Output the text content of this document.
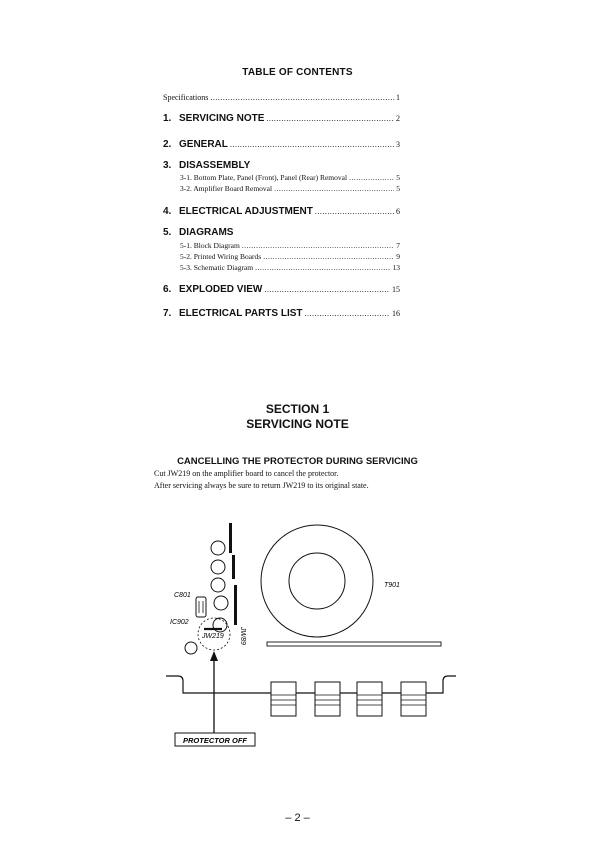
TABLE OF CONTENTS
Specifications .....	1
1. SERVICING NOTE .....	2
2. GENERAL .....	3
3. DISASSEMBLY
3-1. Bottom Plate, Panel (Front), Panel (Rear) Removal .....	5
3-2. Amplifier Board Removal .....	5
4. ELECTRICAL ADJUSTMENT .....	6
5. DIAGRAMS
5-1. Block Diagram .....	7
5-2. Printed Wiring Boards .....	9
5-3. Schematic Diagram .....	13
6. EXPLODED VIEW .....	15
7. ELECTRICAL PARTS LIST .....	16
SECTION 1
SERVICING NOTE
CANCELLING THE PROTECTOR DURING SERVICING
Cut JW219 on the amplifier board to cancel the protector.
After servicing always be sure to return JW219 to its original state.
C801
IC902
JW219 JW89
T901
PROTECTOR OFF
– 2 –
